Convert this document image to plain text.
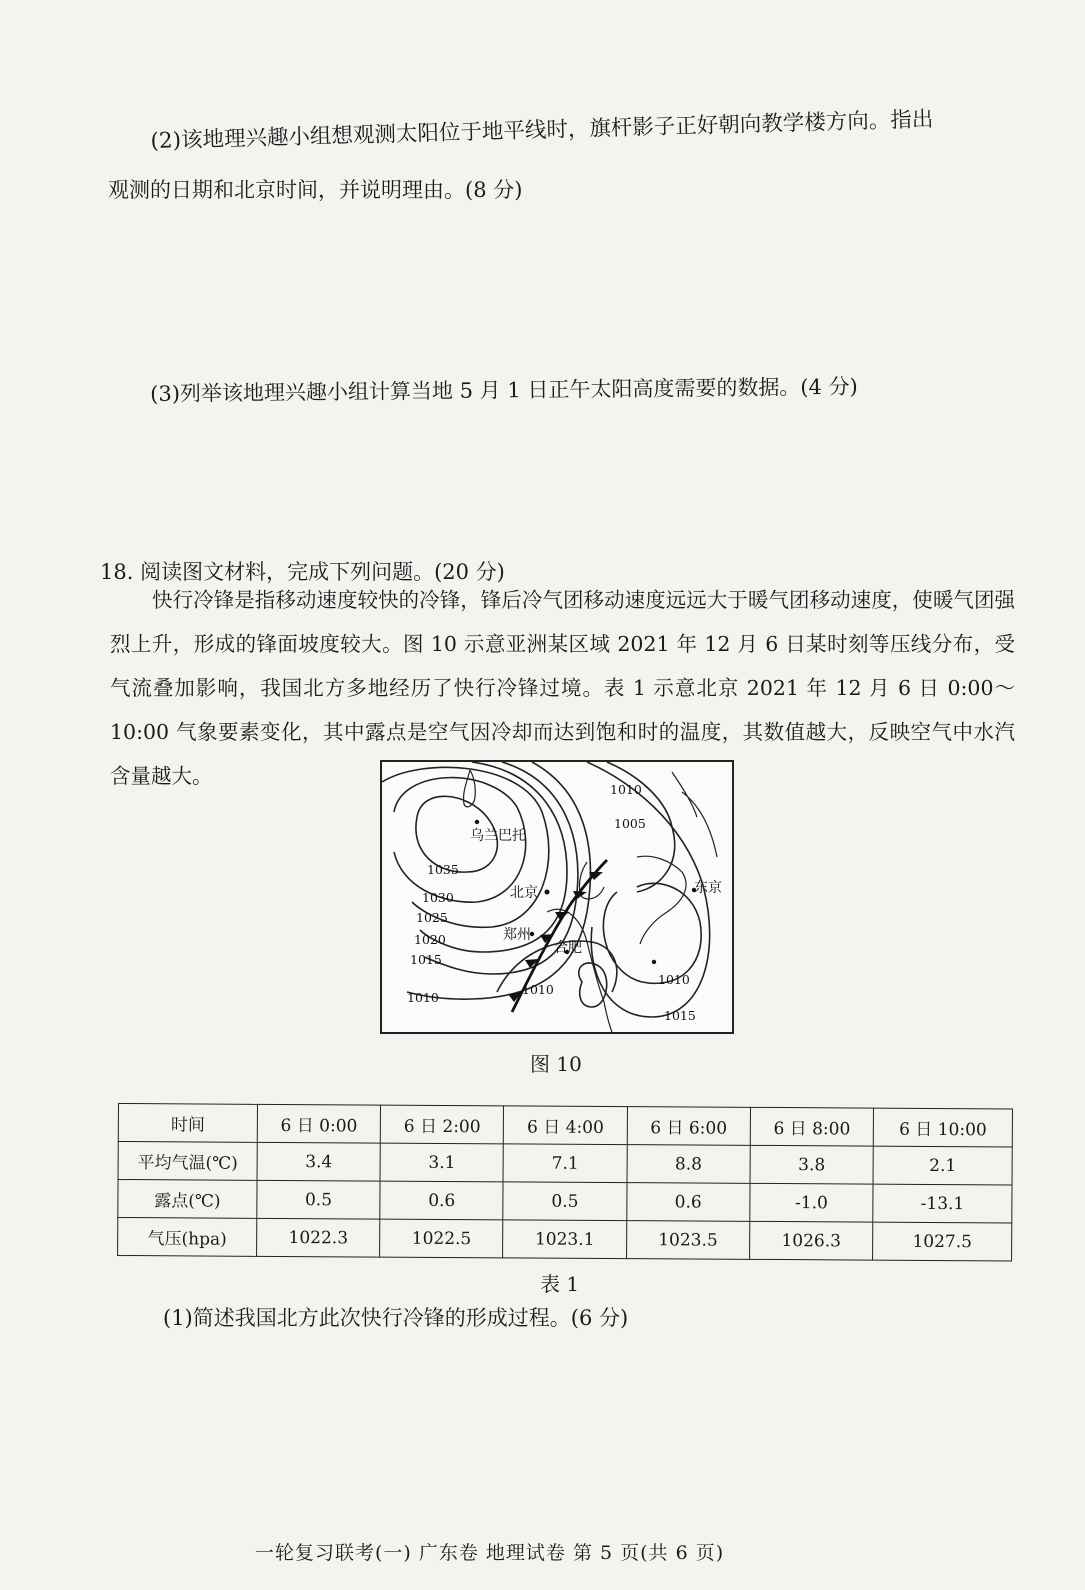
(2)该地理兴趣小组想观测太阳位于地平线时，旗杆影子正好朝向教学楼方向。指出
观测的日期和北京时间，并说明理由。(8 分)
(3)列举该地理兴趣小组计算当地 5 月 1 日正午太阳高度需要的数据。(4 分)
18. 阅读图文材料，完成下列问题。(20 分)
快行冷锋是指移动速度较快的冷锋，锋后冷气团移动速度远远大于暖气团移动速度，使暖气团强烈上升，形成的锋面坡度较大。图 10 示意亚洲某区域 2021 年 12 月 6 日某时刻等压线分布，受气流叠加影响，我国北方多地经历了快行冷锋过境。表 1 示意北京 2021 年 12 月 6 日 0:00～10:00 气象要素变化，其中露点是空气因冷却而达到饱和时的温度，其数值越大，反映空气中水汽含量越大。
乌兰巴托
北京
郑州
合肥
东京
1035
1030
1025
1020
1015
1010
1010
1010
1005
1010
1015
图 10
时间	6 日 0:00	6 日 2:00	6 日 4:00	6 日 6:00	6 日 8:00	6 日 10:00
平均气温(℃)	3.4	3.1	7.1	8.8	3.8	2.1
露点(℃)	0.5	0.6	0.5	0.6	-1.0	-13.1
气压(hpa)	1022.3	1022.5	1023.1	1023.5	1026.3	1027.5
表 1
(1)简述我国北方此次快行冷锋的形成过程。(6 分)
一轮复习联考(一) 广东卷 地理试卷 第 5 页(共 6 页)
